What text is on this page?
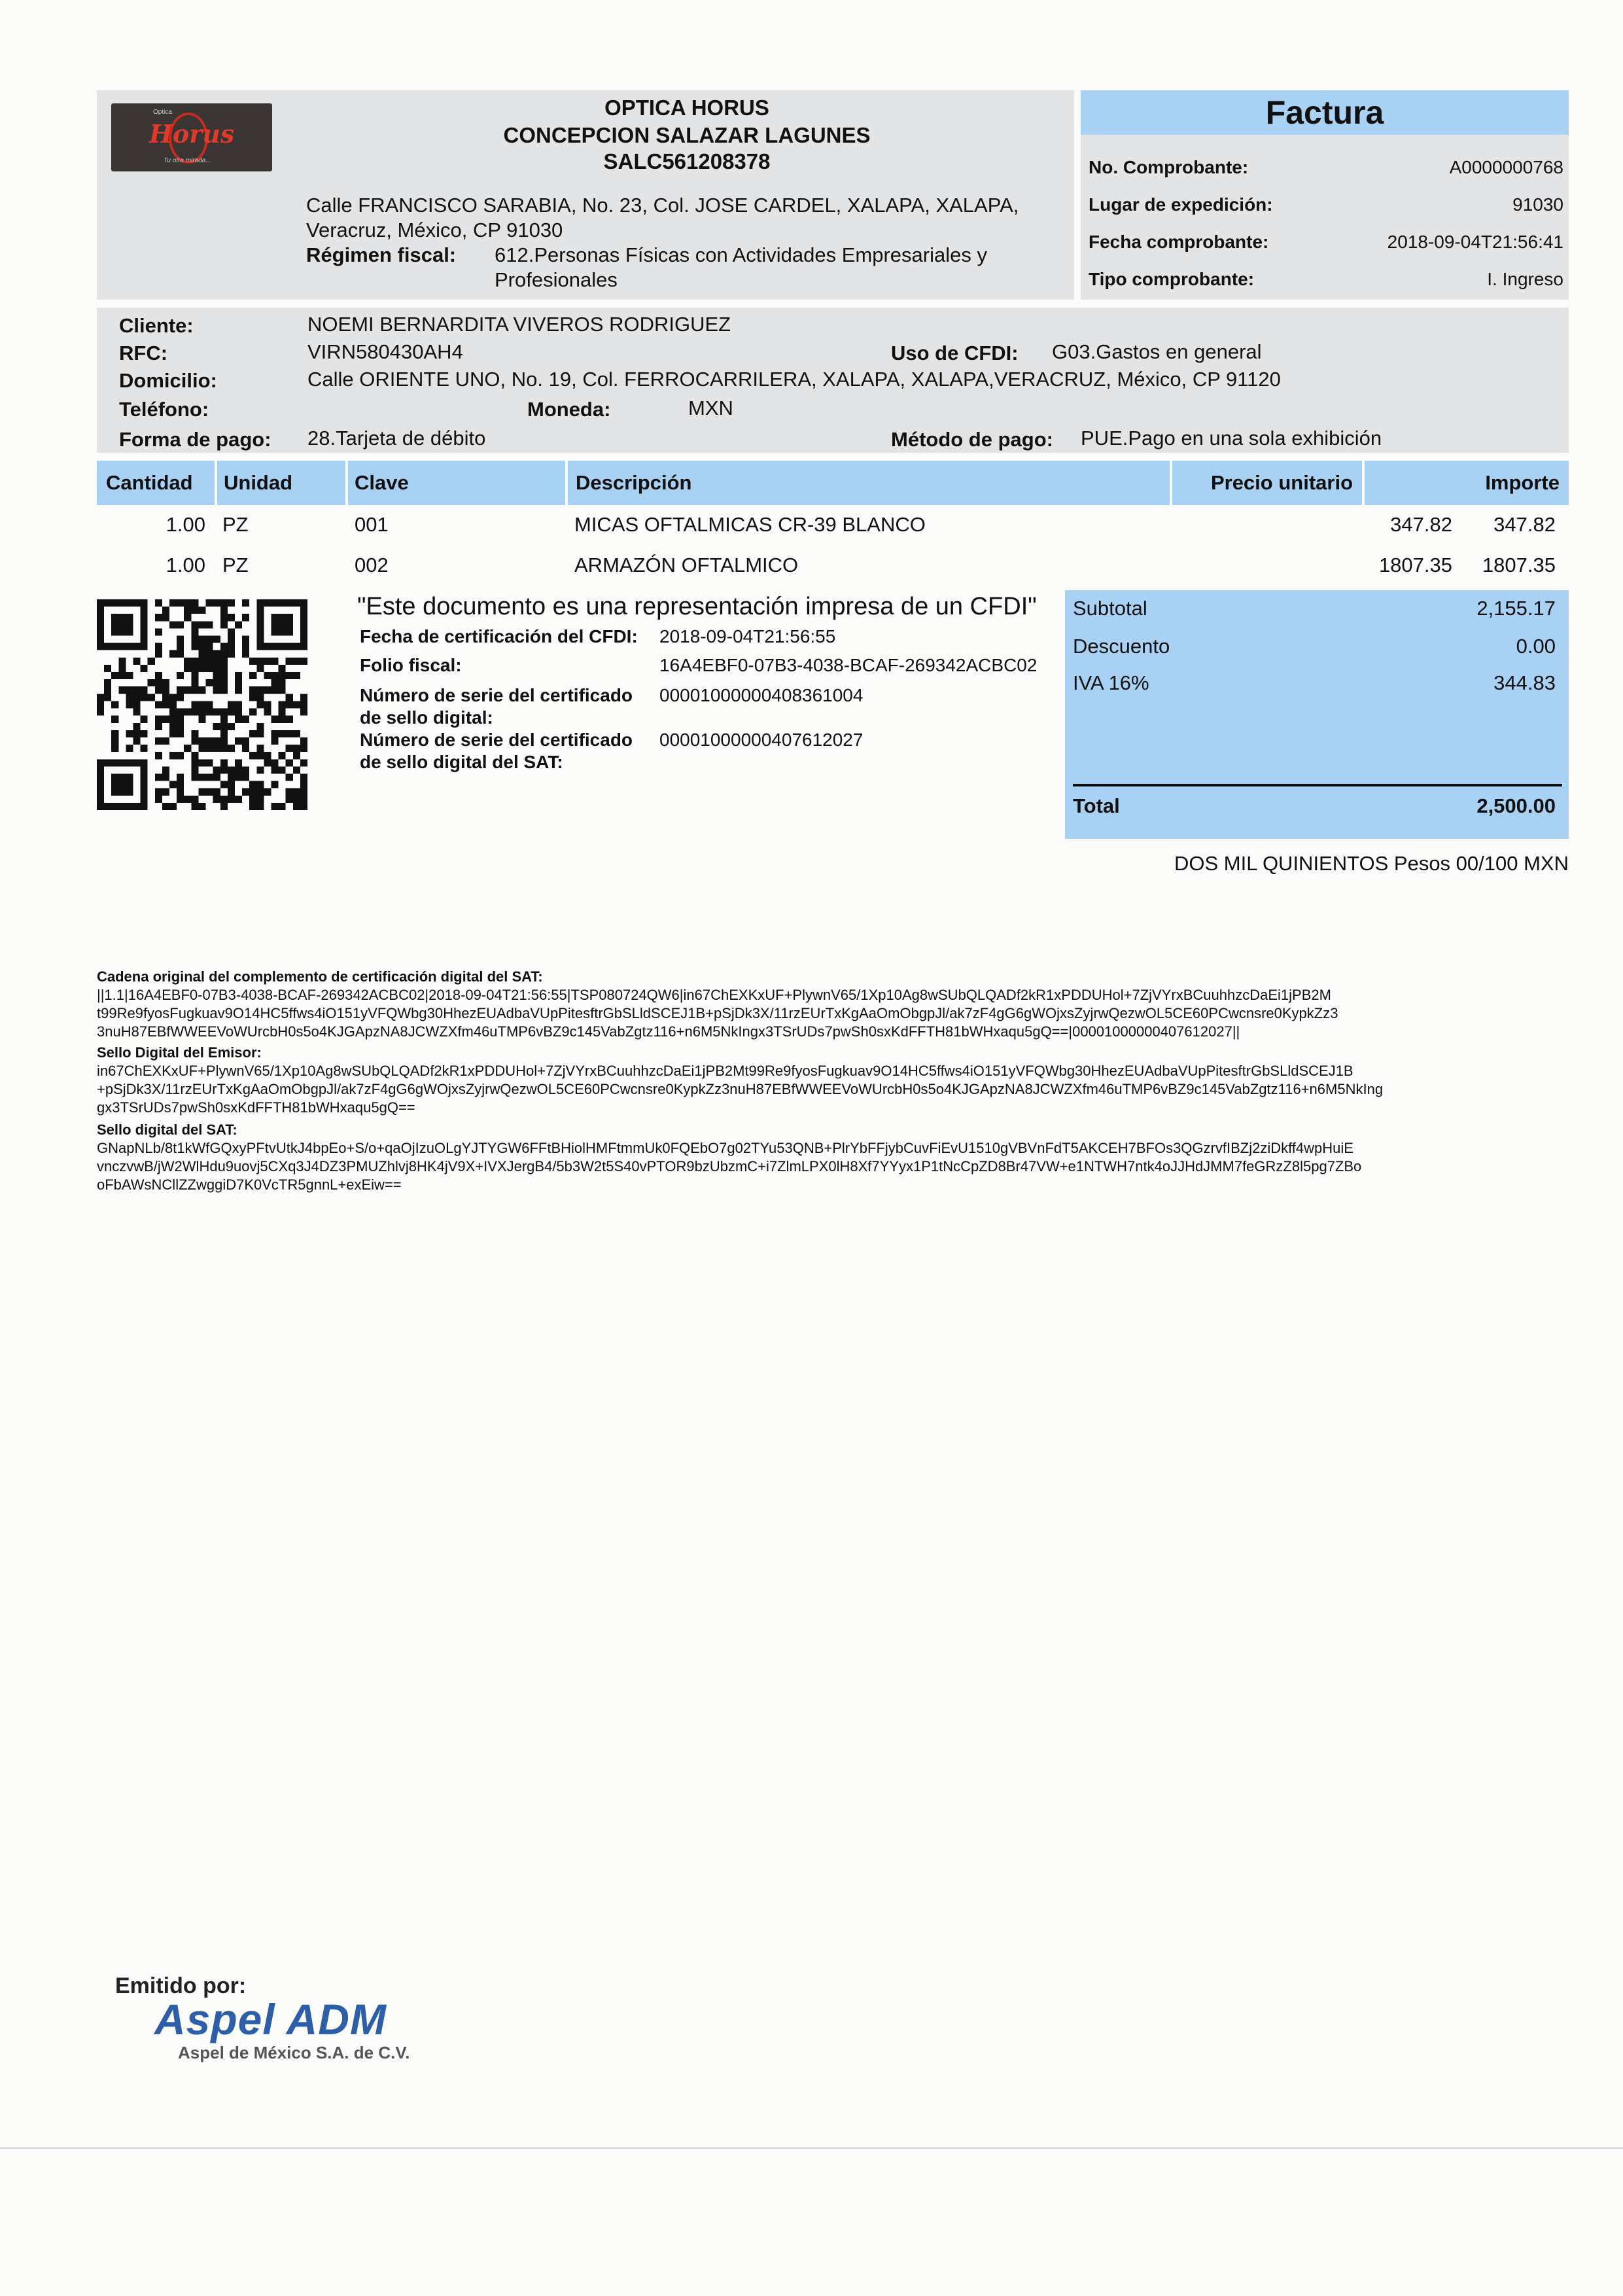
Optica
Horus
Tu otra mirada...
OPTICA HORUS
CONCEPCION SALAZAR LAGUNES
SALC561208378
Calle FRANCISCO SARABIA, No. 23, Col. JOSE CARDEL, XALAPA, XALAPA,
Veracruz, México, CP 91030
Régimen fiscal: 612.Personas Físicas con Actividades Empresariales y
Profesionales
Factura
No. Comprobante:	A0000000768
Lugar de expedición:	91030
Fecha comprobante:	2018-09-04T21:56:41
Tipo comprobante:	I. Ingreso
Cliente:	NOEMI BERNARDITA VIVEROS RODRIGUEZ
RFC:	VIRN580430AH4	Uso de CFDI: G03.Gastos en general
Domicilio:	Calle ORIENTE UNO, No. 19, Col. FERROCARRILERA, XALAPA, XALAPA,VERACRUZ, México, CP 91120
Teléfono:	Moneda:	MXN
Forma de pago: 28.Tarjeta de débito	Método de pago: PUE.Pago en una sola exhibición
Cantidad	Unidad	Clave	Descripción	Precio unitario	Importe
1.00 PZ	001	MICAS OFTALMICAS CR-39 BLANCO	347.82	347.82
1.00 PZ	002	ARMAZÓN OFTALMICO	1807.35	1807.35
"Este documento es una representación impresa de un CFDI"
Fecha de certificación del CFDI: 2018-09-04T21:56:55
Folio fiscal:	16A4EBF0-07B3-4038-BCAF-269342ACBC02
Número de serie del certificado
de sello digital:
00001000000408361004
Número de serie del certificado
de sello digital del SAT:
00001000000407612027
Subtotal	2,155.17
Descuento	0.00
IVA 16%	344.83
Total	2,500.00
DOS MIL QUINIENTOS Pesos 00/100 MXN
Cadena original del complemento de certificación digital del SAT:
||1.1|16A4EBF0-07B3-4038-BCAF-269342ACBC02|2018-09-04T21:56:55|TSP080724QW6|in67ChEXKxUF+PlywnV65/1Xp10Ag8wSUbQLQADf2kR1xPDDUHol+7ZjVYrxBCuuhhzcDaEi1jPB2M
t99Re9fyosFugkuav9O14HC5ffws4iO151yVFQWbg30HhezEUAdbaVUpPitesftrGbSLldSCEJ1B+pSjDk3X/11rzEUrTxKgAaOmObgpJl/ak7zF4gG6gWOjxsZyjrwQezwOL5CE60PCwcnsre0KypkZz3
3nuH87EBfWWEEVoWUrcbH0s5o4KJGApzNA8JCWZXfm46uTMP6vBZ9c145VabZgtz116+n6M5NkIngx3TSrUDs7pwSh0sxKdFFTH81bWHxaqu5gQ==|00001000000407612027||
Sello Digital del Emisor:
in67ChEXKxUF+PlywnV65/1Xp10Ag8wSUbQLQADf2kR1xPDDUHol+7ZjVYrxBCuuhhzcDaEi1jPB2Mt99Re9fyosFugkuav9O14HC5ffws4iO151yVFQWbg30HhezEUAdbaVUpPitesftrGbSLldSCEJ1B
+pSjDk3X/11rzEUrTxKgAaOmObgpJl/ak7zF4gG6gWOjxsZyjrwQezwOL5CE60PCwcnsre0KypkZz3nuH87EBfWWEEVoWUrcbH0s5o4KJGApzNA8JCWZXfm46uTMP6vBZ9c145VabZgtz116+n6M5NkIng
gx3TSrUDs7pwSh0sxKdFFTH81bWHxaqu5gQ==
Sello digital del SAT:
GNapNLb/8t1kWfGQxyPFtvUtkJ4bpEo+S/o+qaOjIzuOLgYJTYGW6FFtBHiolHMFtmmUk0FQEbO7g02TYu53QNB+PlrYbFFjybCuvFiEvU1510gVBVnFdT5AKCEH7BFOs3QGzrvfIBZj2ziDkff4wpHuiE
vnczvwB/jW2WlHdu9uovj5CXq3J4DZ3PMUZhlvj8HK4jV9X+IVXJergB4/5b3W2t5S40vPTOR9bzUbzmC+i7ZlmLPX0lH8Xf7YYyx1P1tNcCpZD8Br47VW+e1NTWH7ntk4oJJHdJMM7feGRzZ8l5pg7ZBo
oFbAWsNCllZZwggiD7K0VcTR5gnnL+exEiw==
Emitido por:
Aspel ADM
Aspel de México S.A. de C.V.
